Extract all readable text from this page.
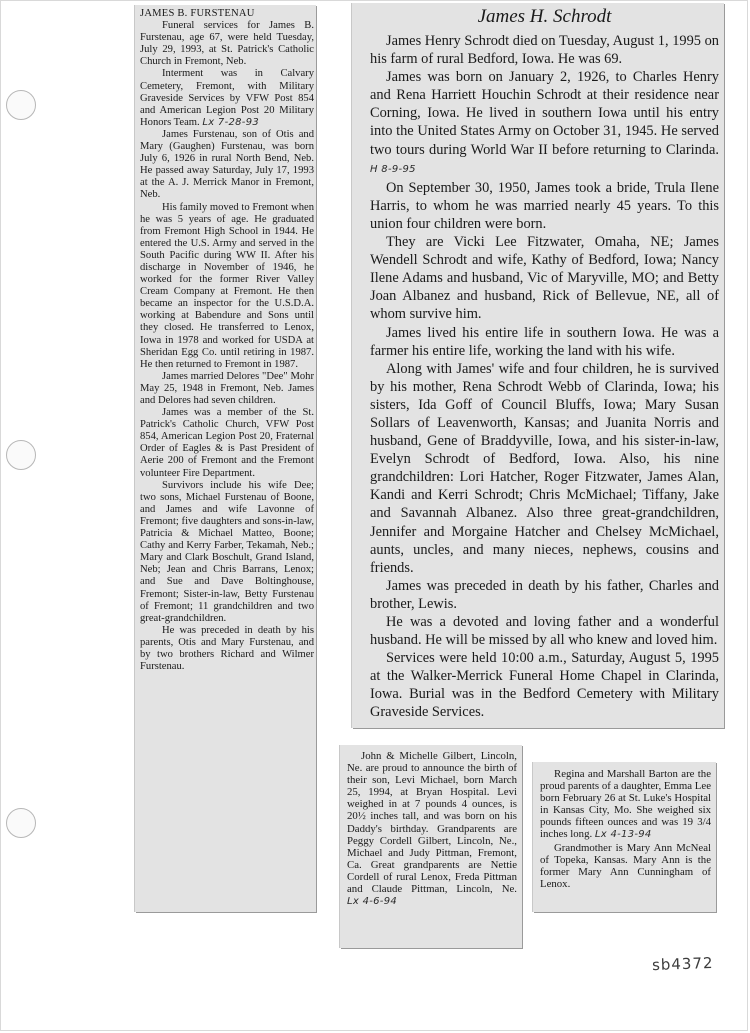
JAMES B. FURSTENAU

Funeral services for James B. Furstenau, age 67, were held Tuesday, July 29, 1993, at St. Patrick's Catholic Church in Fremont, Neb.

Interment was in Calvary Cemetery, Fremont, with Military Graveside Services by VFW Post 854 and American Legion Post 20 Military Honors Team. Lx 7-28-93

James Furstenau, son of Otis and Mary (Gaughen) Furstenau, was born July 6, 1926 in rural North Bend, Neb. He passed away Saturday, July 17, 1993 at the A. J. Merrick Manor in Fremont, Neb.

His family moved to Fremont when he was 5 years of age. He graduated from Fremont High School in 1944. He entered the U.S. Army and served in the South Pacific during WW II. After his discharge in November of 1946, he worked for the former River Valley Cream Company at Fremont. He then became an inspector for the U.S.D.A. working at Babendure and Sons until they closed. He transferred to Lenox, Iowa in 1978 and worked for USDA at Sheridan Egg Co. until retiring in 1987. He then returned to Fremont in 1987.

James married Delores "Dee" Mohr May 25, 1948 in Fremont, Neb. James and Delores had seven children.

James was a member of the St. Patrick's Catholic Church, VFW Post 854, American Legion Post 20, Fraternal Order of Eagles & is Past President of Aerie 200 of Fremont and the Fremont volunteer Fire Department.

Survivors include his wife Dee; two sons, Michael Furstenau of Boone, and James and wife Lavonne of Fremont; five daughters and sons-in-law, Patricia & Michael Matteo, Boone; Cathy and Kerry Farber, Tekamah, Neb.; Mary and Clark Boschult, Grand Island, Neb; Jean and Chris Barrans, Lenox; and Sue and Dave Boltinghouse, Fremont; Sister-in-law, Betty Furstenau of Fremont; 11 grandchildren and two great-grandchildren.

He was preceded in death by his parents, Otis and Mary Furstenau, and by two brothers Richard and Wilmer Furstenau.

James H. Schrodt

James Henry Schrodt died on Tuesday, August 1, 1995 on his farm of rural Bedford, Iowa. He was 69.

James was born on January 2, 1926, to Charles Henry and Rena Harriett Houchin Schrodt at their residence near Corning, Iowa. He lived in southern Iowa until his entry into the United States Army on October 31, 1945. He served two tours during World War II before returning to Clarinda. H 8-9-95

On September 30, 1950, James took a bride, Trula Ilene Harris, to whom he was married nearly 45 years. To this union four children were born.

They are Vicki Lee Fitzwater, Omaha, NE; James Wendell Schrodt and wife, Kathy of Bedford, Iowa; Nancy Ilene Adams and husband, Vic of Maryville, MO; and Betty Joan Albanez and husband, Rick of Bellevue, NE, all of whom survive him.

James lived his entire life in southern Iowa. He was a farmer his entire life, working the land with his wife.

Along with James' wife and four children, he is survived by his mother, Rena Schrodt Webb of Clarinda, Iowa; his sisters, Ida Goff of Council Bluffs, Iowa; Mary Susan Sollars of Leavenworth, Kansas; and Juanita Norris and husband, Gene of Braddyville, Iowa, and his sister-in-law, Evelyn Schrodt of Bedford, Iowa. Also, his nine grandchildren: Lori Hatcher, Roger Fitzwater, James Alan, Kandi and Kerri Schrodt; Chris McMichael; Tiffany, Jake and Savannah Albanez. Also three great-grandchildren, Jennifer and Morgaine Hatcher and Chelsey McMichael, aunts, uncles, and many nieces, nephews, cousins and friends.

James was preceded in death by his father, Charles and brother, Lewis.

He was a devoted and loving father and a wonderful husband. He will be missed by all who knew and loved him.

Services were held 10:00 a.m., Saturday, August 5, 1995 at the Walker-Merrick Funeral Home Chapel in Clarinda, Iowa. Burial was in the Bedford Cemetery with Military Graveside Services.

John & Michelle Gilbert, Lincoln, Ne. are proud to announce the birth of their son, Levi Michael, born March 25, 1994, at Bryan Hospital. Levi weighed in at 7 pounds 4 ounces, is 20½ inches tall, and was born on his Daddy's birthday. Grandparents are Peggy Cordell Gilbert, Lincoln, Ne., Michael and Judy Pittman, Fremont, Ca. Great grandparents are Nettie Cordell of rural Lenox, Freda Pittman and Claude Pittman, Lincoln, Ne. Lx 4-6-94

Regina and Marshall Barton are the proud parents of a daughter, Emma Lee born February 26 at St. Luke's Hospital in Kansas City, Mo. She weighed six pounds fifteen ounces and was 19 3/4 inches long. Lx 4-13-94

Grandmother is Mary Ann McNeal of Topeka, Kansas. Mary Ann is the former Mary Ann Cunningham of Lenox.

sb4372
